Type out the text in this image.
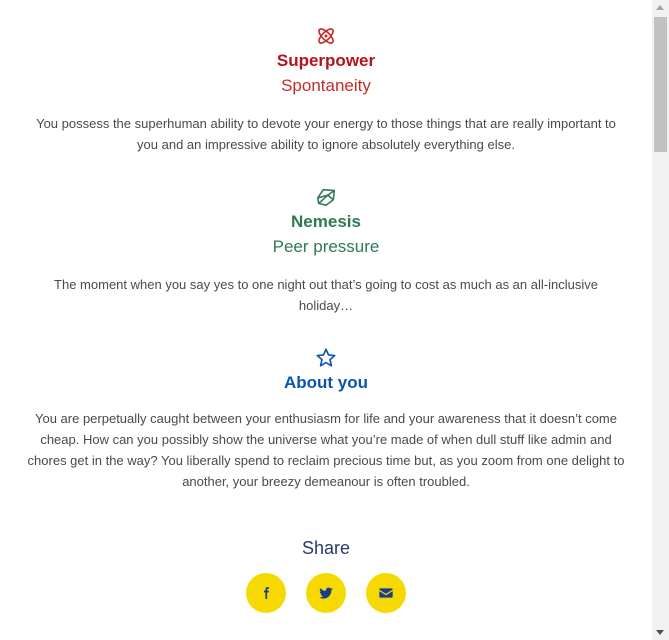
Superpower
Spontaneity
You possess the superhuman ability to devote your energy to those things that are really important to you and an impressive ability to ignore absolutely everything else.
Nemesis
Peer pressure
The moment when you say yes to one night out that’s going to cost as much as an all-inclusive holiday…
About you
You are perpetually caught between your enthusiasm for life and your awareness that it doesn’t come cheap. How can you possibly show the universe what you’re made of when dull stuff like admin and chores get in the way? You liberally spend to reclaim precious time but, as you zoom from one delight to another, your breezy demeanour is often troubled.
Share
